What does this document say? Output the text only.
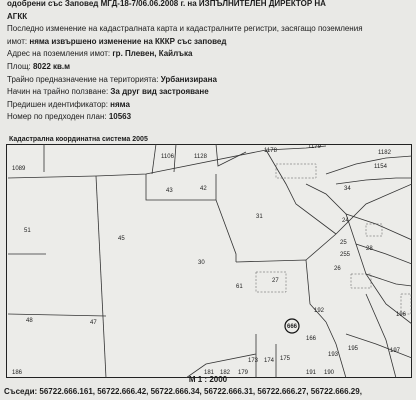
одобрени със Заповед МГД-18-7/06.06.2008 г. на ИЗПЪЛНИТЕЛЕН ДИРЕКТОР НА
АГКК
Последно изменение на кадастралната карта и кадастралните регистри, засягащо поземления
имот: няма извършено изменение на КККР със заповед
Адрес на поземления имот: гр. Плевен, Кайлъка
Площ: 8022 кв.м
Трайно предназначение на територията: Урбанизирана
Начин на трайно ползване: За друг вид застрояване
Предишен идентификатор: няма
Номер по предходен план: 10563
Кадастрална координатна система 2005
666
1089
1106	1128
1178
1179
1182
1154
34
43	42
31
24
25
28
255
26
51
45
30
27
61
48	47
192
196
166
193
195	197
173 174 175
181 182 179	191 190
186
M 1 : 2000
Съседи: 56722.666.161, 56722.666.42, 56722.666.34, 56722.666.31, 56722.666.27, 56722.666.29,
